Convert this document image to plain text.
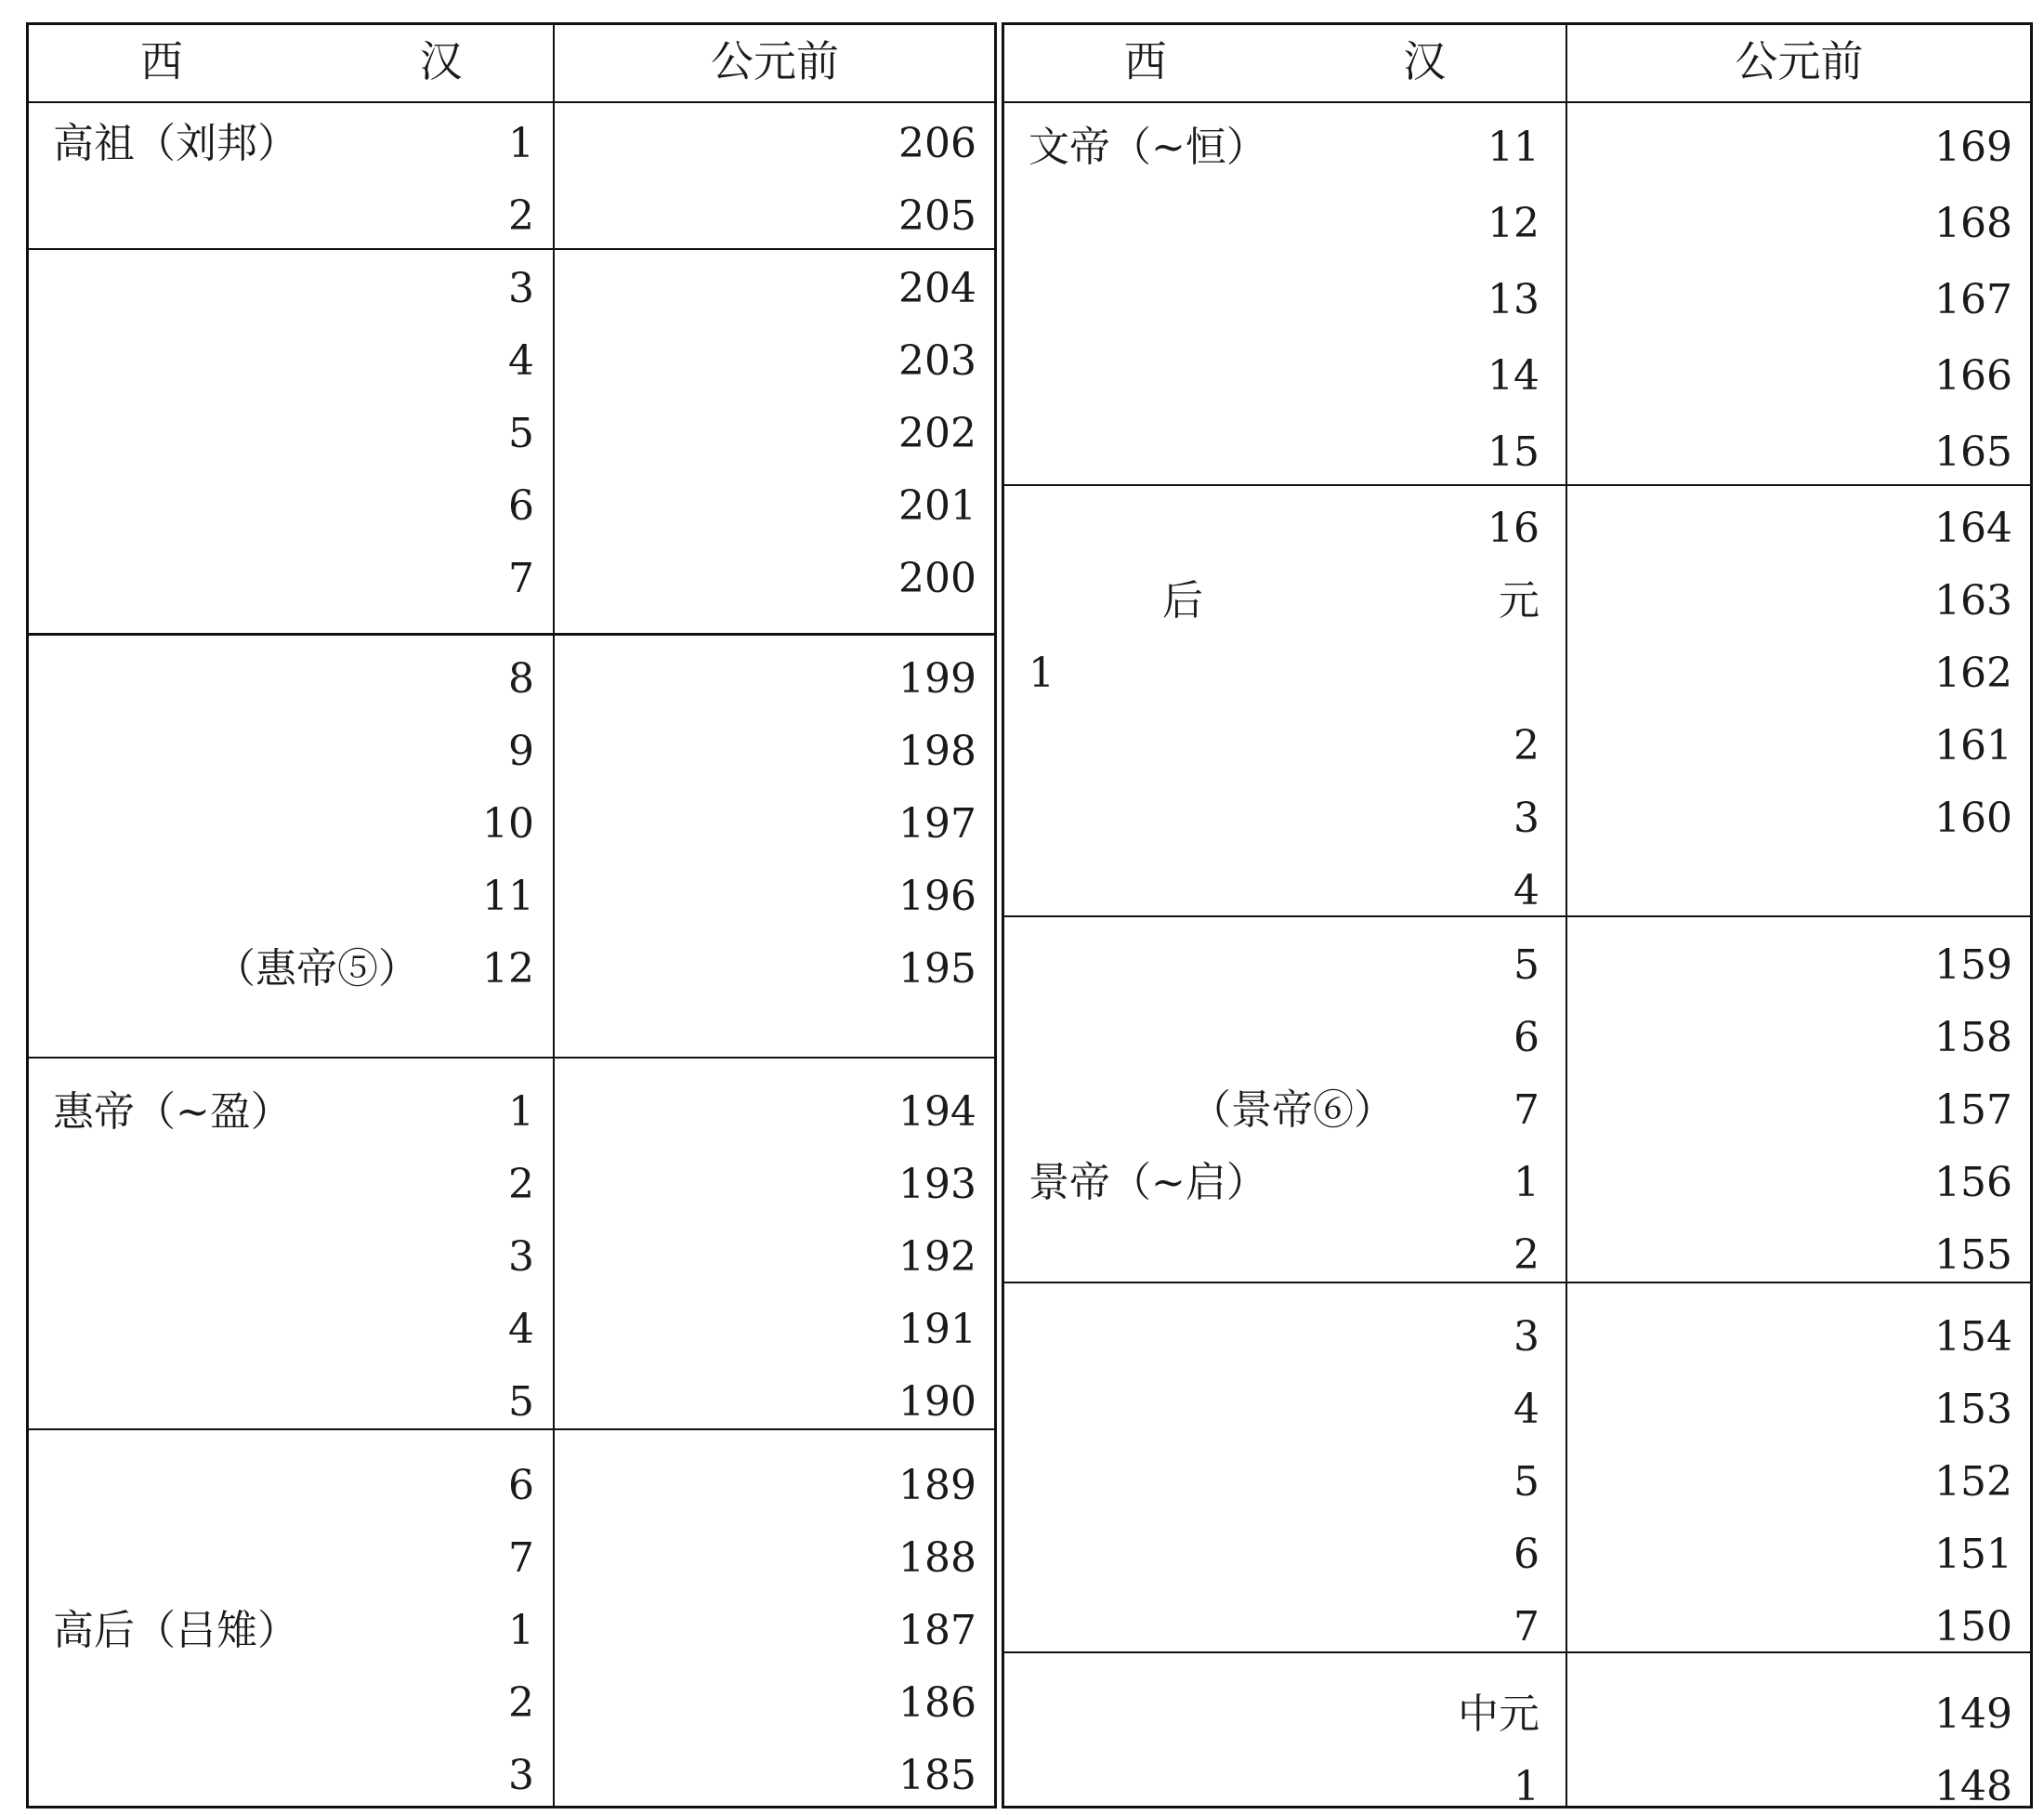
西 汉	公元前
高祖（刘邦）	1	206
2	205
3	204
4	203
5	202
6	201
7	200
8	199
9	198
10	197
11	196
（惠帝⑤）	12	195
惠帝（~盈）	1	194
2	193
3	192
4	191
5	190
6	189
7	188
高后（吕雉）	1	187
2	186
3	185
西 汉	公元前
文帝（~恒）	11	169
12	168
13	167
14	166
15	165
16	164
后	元	163
1	162
2	161
3	160
4
5	159
6	158
（景帝⑥）	7	157
景帝（~启）	1	156
2	155
3	154
4	153
5	152
6	151
7	150
中元	149
1	148
